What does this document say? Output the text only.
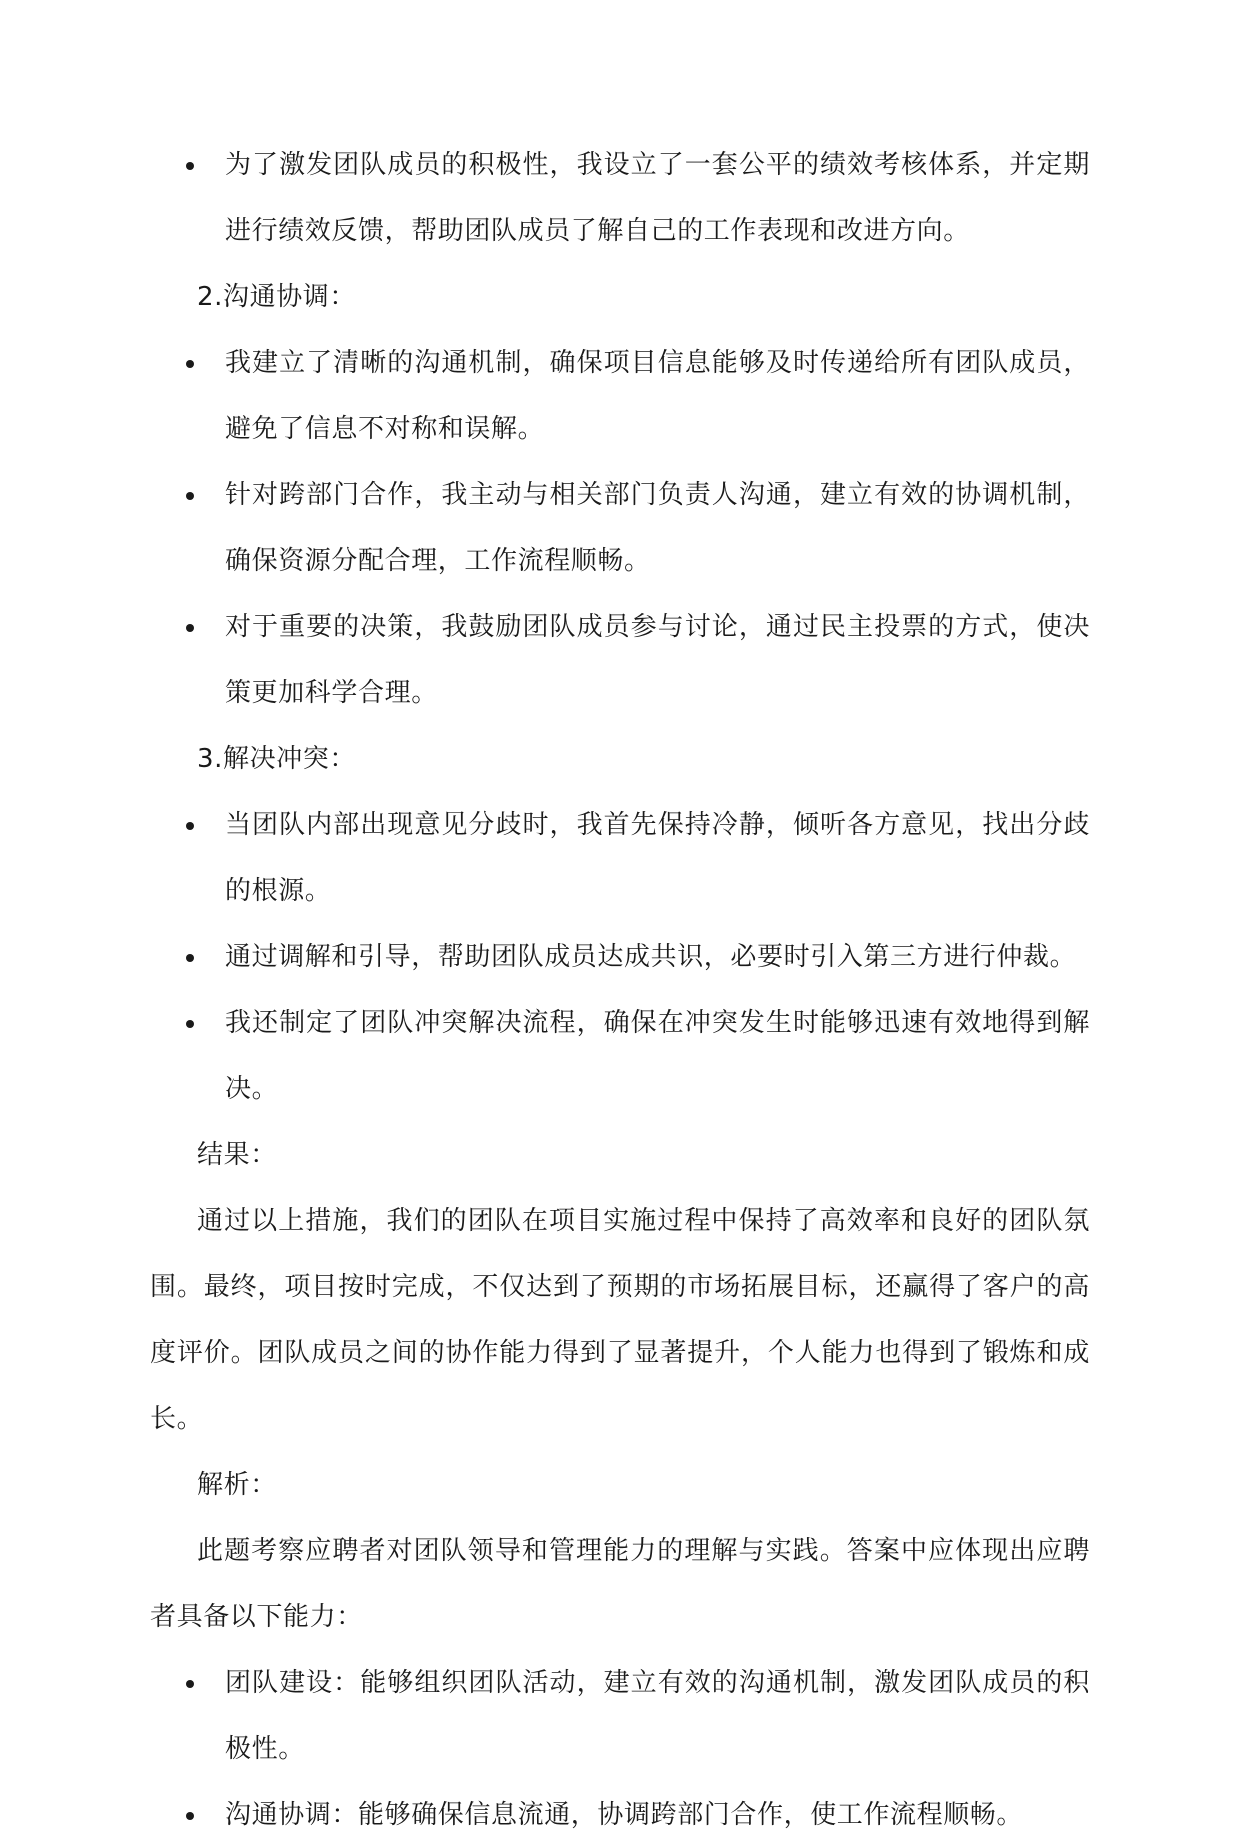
为了激发团队成员的积极性，我设立了一套公平的绩效考核体系，并定期进行绩效反馈，帮助团队成员了解自己的工作表现和改进方向。

2.沟通协调：

我建立了清晰的沟通机制，确保项目信息能够及时传递给所有团队成员，避免了信息不对称和误解。
针对跨部门合作，我主动与相关部门负责人沟通，建立有效的协调机制，确保资源分配合理，工作流程顺畅。
对于重要的决策，我鼓励团队成员参与讨论，通过民主投票的方式，使决策更加科学合理。

3.解决冲突：

当团队内部出现意见分歧时，我首先保持冷静，倾听各方意见，找出分歧的根源。
通过调解和引导，帮助团队成员达成共识，必要时引入第三方进行仲裁。
我还制定了团队冲突解决流程，确保在冲突发生时能够迅速有效地得到解决。

结果：

通过以上措施，我们的团队在项目实施过程中保持了高效率和良好的团队氛围。最终，项目按时完成，不仅达到了预期的市场拓展目标，还赢得了客户的高度评价。团队成员之间的协作能力得到了显著提升，个人能力也得到了锻炼和成长。

解析：

此题考察应聘者对团队领导和管理能力的理解与实践。答案中应体现出应聘者具备以下能力：

团队建设：能够组织团队活动，建立有效的沟通机制，激发团队成员的积极性。
沟通协调：能够确保信息流通，协调跨部门合作，使工作流程顺畅。
